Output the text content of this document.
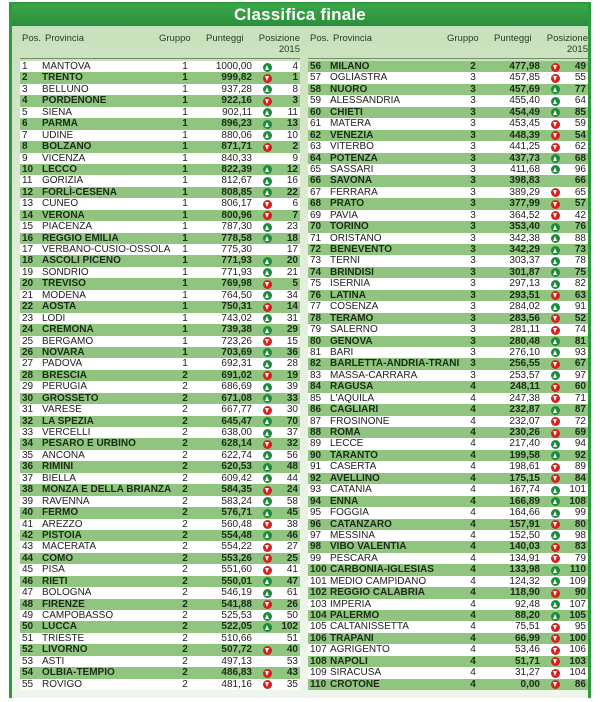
Classifica finale
Pos. Provincia	Gruppo Punteggi	Posizione
2015
1 MANTOVA	1	1000,00	4
2 TRENTO	1	999,82	1
3 BELLUNO	1	937,28	8
4 PORDENONE	1	922,16	3
5 SIENA	1	902,11	11
6 PARMA	1	896,23	13
7 UDINE	1	880,06	10
8 BOLZANO	1	871,71	2
9 VICENZA	1	840,33	9
10 LECCO	1	822,39	12
11 GORIZIA	1	812,67	16
12 FORLÌ-CESENA	1	808,85	22
13 CUNEO	1	806,17	6
14 VERONA	1	800,96	7
15 PIACENZA	1	787,30	23
16 REGGIO EMILIA	1	778,58	18
17 VERBANO-CUSIO-OSSOLA	1	775,30	17
18 ASCOLI PICENO	1	771,93	20
19 SONDRIO	1	771,93	21
20 TREVISO	1	769,98	5
21 MODENA	1	764,50	34
22 AOSTA	1	750,31	14
23 LODI	1	743,02	31
24 CREMONA	1	739,38	29
25 BERGAMO	1	723,26	15
26 NOVARA	1	703,69	36
27 PADOVA	1	692,31	28
28 BRESCIA	2	691,02	19
29 PERUGIA	2	686,69	39
30 GROSSETO	2	671,08	33
31 VARESE	2	667,77	30
32 LA SPEZIA	2	645,47	70
33 VERCELLI	2	638,00	37
34 PESARO E URBINO	2	628,14	32
35 ANCONA	2	622,74	56
36 RIMINI	2	620,53	48
37 BIELLA	2	609,42	44
38 MONZA E DELLA BRIANZA	2	584,35	24
39 RAVENNA	2	583,24	58
40 FERMO	2	576,71	45
41 AREZZO	2	560,48	38
42 PISTOIA	2	554,48	46
43 MACERATA	2	554,22	27
44 COMO	2	553,26	25
45 PISA	2	551,60	41
46 RIETI	2	550,01	47
47 BOLOGNA	2	546,19	61
48 FIRENZE	2	541,88	26
49 CAMPOBASSO	2	525,53	50
50 LUCCA	2	522,05	102
51 TRIESTE	2	510,66	51
52 LIVORNO	2	507,72	40
53 ASTI	2	497,13	53
54 OLBIA-TEMPIO	2	486,83	43
55 ROVIGO	2	481,16	35
Pos. Provincia	Gruppo Punteggi	Posizione
2015
56 MILANO	2	477,98	49
57 OGLIASTRA	3	457,85	55
58 NUORO	3	457,69	77
59 ALESSANDRIA	3	455,40	64
60 CHIETI	3	454,49	85
61 MATERA	3	453,45	59
62 VENEZIA	3	448,39	54
63 VITERBO	3	441,25	62
64 POTENZA	3	437,73	68
65 SASSARI	3	411,68	96
66 SAVONA	3	398,83	66
67 FERRARA	3	389,29	65
68 PRATO	3	377,99	57
69 PAVIA	3	364,52	42
70 TORINO	3	353,40	76
71 ORISTANO	3	342,38	88
72 BENEVENTO	3	342,29	73
73 TERNI	3	303,37	78
74 BRINDISI	3	301,87	75
75 ISERNIA	3	297,13	82
76 LATINA	3	293,51	63
77 COSENZA	3	284,02	91
78 TERAMO	3	283,56	52
79 SALERNO	3	281,11	74
80 GENOVA	3	280,48	81
81 BARI	3	276,10	93
82 BARLETTA-ANDRIA-TRANI	3	256,55	67
83 MASSA-CARRARA	3	253,57	97
84 RAGUSA	4	248,11	60
85 L'AQUILA	4	247,38	71
86 CAGLIARI	4	232,87	87
87 FROSINONE	4	232,07	72
88 ROMA	4	230,26	69
89 LECCE	4	217,40	94
90 TARANTO	4	199,58	92
91 CASERTA	4	198,61	89
92 AVELLINO	4	175,15	84
93 CATANIA	4	167,74	101
94 ENNA	4	166,89	108
95 FOGGIA	4	164,66	99
96 CATANZARO	4	157,91	80
97 MESSINA	4	152,50	98
98 VIBO VALENTIA	4	140,03	83
99 PESCARA	4	134,91	79
100 CARBONIA-IGLESIAS	4	133,98	110
101 MEDIO CAMPIDANO	4	124,32	109
102 REGGIO CALABRIA	4	118,90	90
103 IMPERIA	4	92,48	107
104 PALERMO	4	88,20	105
105 CALTANISSETTA	4	75,51	95
106 TRAPANI	4	66,99	100
107 AGRIGENTO	4	53,46	106
108 NAPOLI	4	51,71	103
109 SIRACUSA	4	31,27	104
110 CROTONE	4	0,00	86
